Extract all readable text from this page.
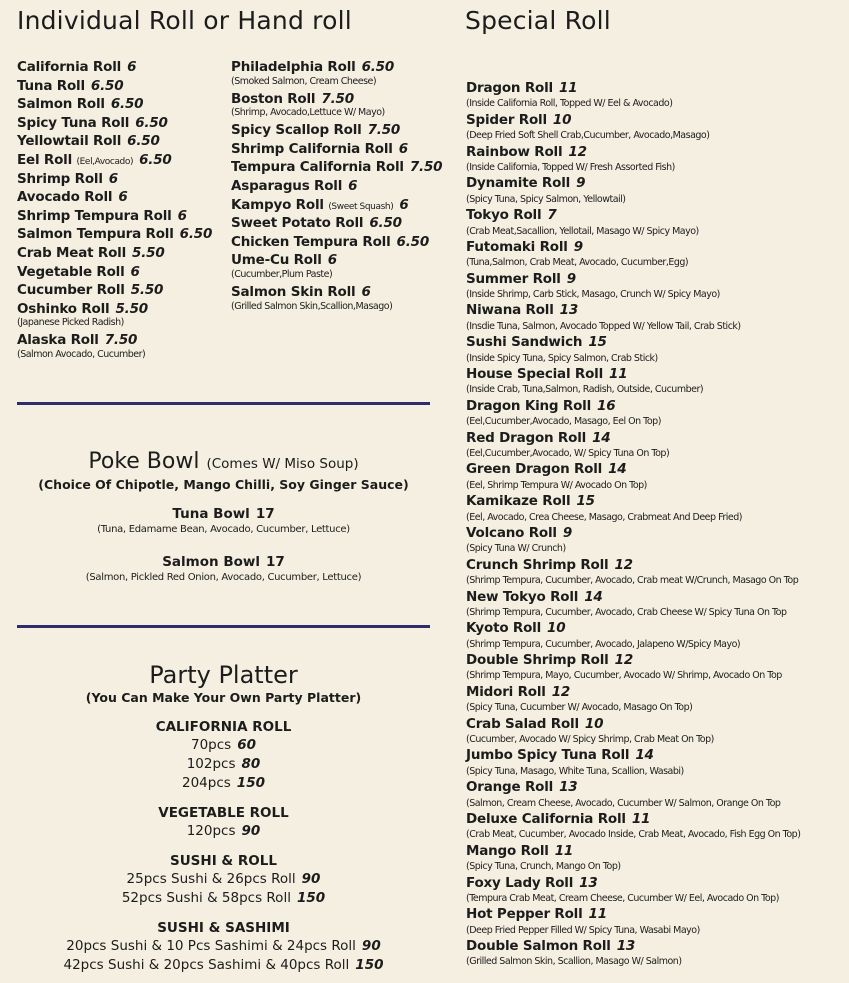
Individual Roll or Hand roll
California Roll 6
Tuna Roll 6.50
Salmon Roll 6.50
Spicy Tuna Roll 6.50
Yellowtail Roll 6.50
Eel Roll (Eel,Avocado) 6.50
Shrimp Roll 6
Avocado Roll 6
Shrimp Tempura Roll 6
Salmon Tempura Roll 6.50
Crab Meat Roll 5.50
Vegetable Roll 6
Cucumber Roll 5.50
Oshinko Roll 5.50
(Japanese Picked Radish)
Alaska Roll 7.50
(Salmon Avocado, Cucumber)
Philadelphia Roll 6.50
(Smoked Salmon, Cream Cheese)
Boston Roll 7.50
(Shrimp, Avocado,Lettuce W/ Mayo)
Spicy Scallop Roll 7.50
Shrimp California Roll 6
Tempura California Roll 7.50
Asparagus Roll 6
Kampyo Roll (Sweet Squash) 6
Sweet Potato Roll 6.50
Chicken Tempura Roll 6.50
Ume-Cu Roll 6
(Cucumber,Plum Paste)
Salmon Skin Roll 6
(Grilled Salmon Skin,Scallion,Masago)
Poke Bowl (Comes W/ Miso Soup)
(Choice Of Chipotle, Mango Chilli, Soy Ginger Sauce)
Tuna Bowl 17
(Tuna, Edamame Bean, Avocado, Cucumber, Lettuce)
Salmon Bowl 17
(Salmon, Pickled Red Onion, Avocado, Cucumber, Lettuce)
Party Platter
(You Can Make Your Own Party Platter)
CALIFORNIA ROLL
70pcs 60
102pcs 80
204pcs 150
VEGETABLE ROLL
120pcs 90
SUSHI & ROLL
25pcs Sushi & 26pcs Roll 90
52pcs Sushi & 58pcs Roll 150
SUSHI & SASHIMI
20pcs Sushi & 10 Pcs Sashimi & 24pcs Roll 90
42pcs Sushi & 20pcs Sashimi & 40pcs Roll 150
Special Roll
Dragon Roll 11
(Inside California Roll, Topped W/ Eel & Avocado)
Spider Roll 10
(Deep Fried Soft Shell Crab,Cucumber, Avocado,Masago)
Rainbow Roll 12
(Inside California, Topped W/ Fresh Assorted Fish)
Dynamite Roll 9
(Spicy Tuna, Spicy Salmon, Yellowtail)
Tokyo Roll 7
(Crab Meat,Sacallion, Yellotail, Masago W/ Spicy Mayo)
Futomaki Roll 9
(Tuna,Salmon, Crab Meat, Avocado, Cucumber,Egg)
Summer Roll 9
(Inside Shrimp, Carb Stick, Masago, Crunch W/ Spicy Mayo)
Niwana Roll 13
(Insdie Tuna, Salmon, Avocado Topped W/ Yellow Tail, Crab Stick)
Sushi Sandwich 15
(Inside Spicy Tuna, Spicy Salmon, Crab Stick)
House Special Roll 11
(Inside Crab, Tuna,Salmon, Radish, Outside, Cucumber)
Dragon King Roll 16
(Eel,Cucumber,Avocado, Masago, Eel On Top)
Red Dragon Roll 14
(Eel,Cucumber,Avocado, W/ Spicy Tuna On Top)
Green Dragon Roll 14
(Eel, Shrimp Tempura W/ Avocado On Top)
Kamikaze Roll 15
(Eel, Avocado, Crea Cheese, Masago, Crabmeat And Deep Fried)
Volcano Roll 9
(Spicy Tuna W/ Crunch)
Crunch Shrimp Roll 12
(Shrimp Tempura, Cucumber, Avocado, Crab meat W/Crunch, Masago On Top
New Tokyo Roll 14
(Shrimp Tempura, Cucumber, Avocado, Crab Cheese W/ Spicy Tuna On Top
Kyoto Roll 10
(Shrimp Tempura, Cucumber, Avocado, Jalapeno W/Spicy Mayo)
Double Shrimp Roll 12
(Shrimp Tempura, Mayo, Cucumber, Avocado W/ Shrimp, Avocado On Top
Midori Roll 12
(Spicy Tuna, Cucumber W/ Avocado, Masago On Top)
Crab Salad Roll 10
(Cucumber, Avocado W/ Spicy Shrimp, Crab Meat On Top)
Jumbo Spicy Tuna Roll 14
(Spicy Tuna, Masago, White Tuna, Scallion, Wasabi)
Orange Roll 13
(Salmon, Cream Cheese, Avocado, Cucumber W/ Salmon, Orange On Top
Deluxe California Roll 11
(Crab Meat, Cucumber, Avocado Inside, Crab Meat, Avocado, Fish Egg On Top)
Mango Roll 11
(Spicy Tuna, Crunch, Mango On Top)
Foxy Lady Roll 13
(Tempura Crab Meat, Cream Cheese, Cucumber W/ Eel, Avocado On Top)
Hot Pepper Roll 11
(Deep Fried Pepper Filled W/ Spicy Tuna, Wasabi Mayo)
Double Salmon Roll 13
(Grilled Salmon Skin, Scallion, Masago W/ Salmon)
